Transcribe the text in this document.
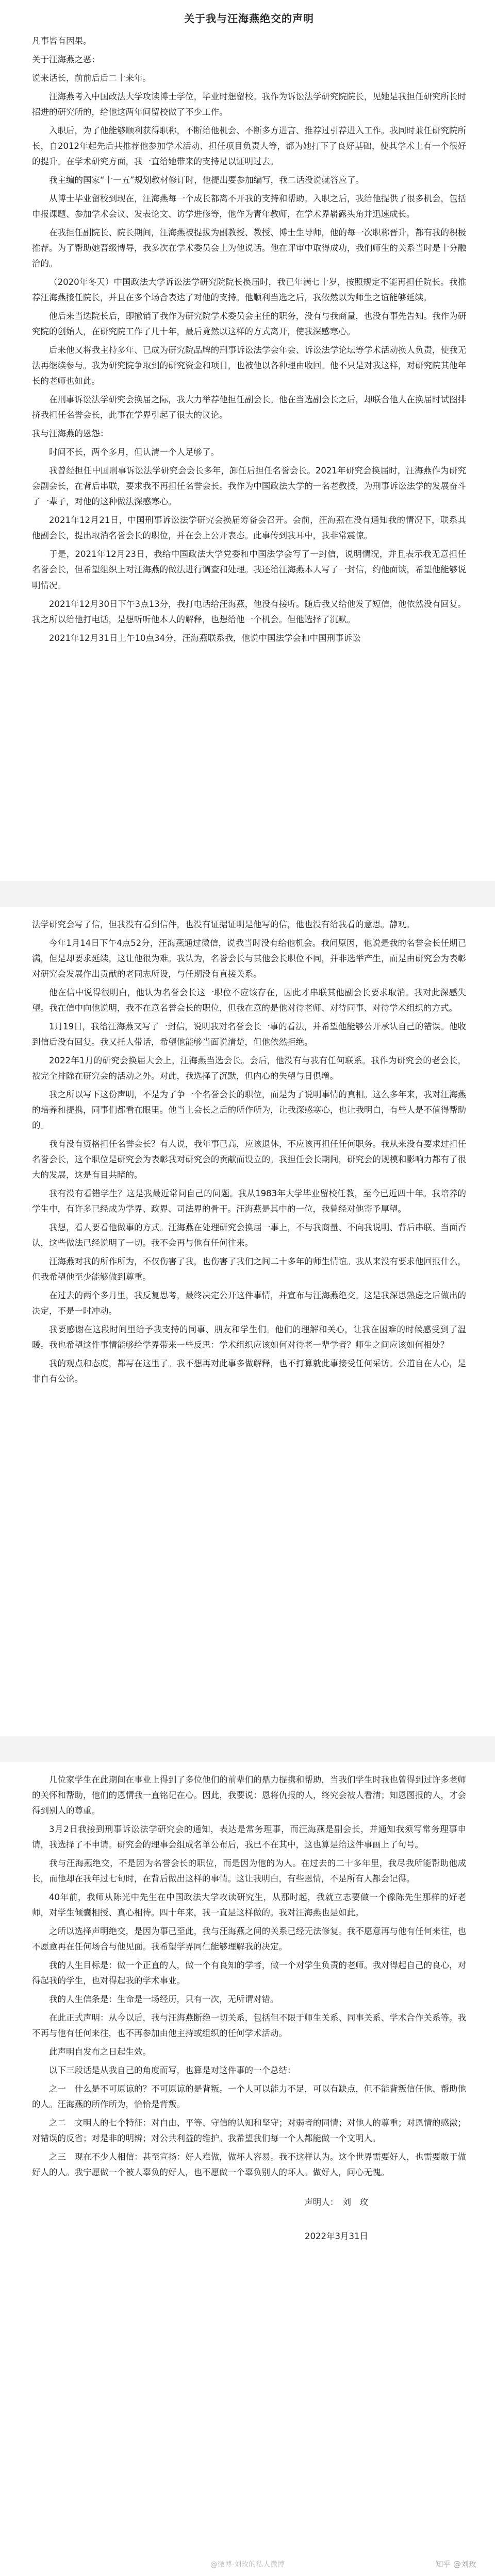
关于我与汪海燕绝交的声明

凡事皆有因果。

关于汪海燕之恶：

说来话长，前前后后二十来年。

汪海燕考入中国政法大学攻读博士学位，毕业时想留校。我作为诉讼法学研究院院长，见她是我担任研究所长时招进的研究所的，给他这两年间留校做了不少工作。

入职后，为了他能够顺利获得职称，不断给他机会、不断多方进言、推荐过引荐进入工作。我同时兼任研究院所长，自2012年起先后共推荐他参加学术活动、担任项目负责人等，都为她打下了良好基础，使其学术上有一个很好的提升。在学术研究方面，我一直给她带来的支持足以证明过去。

我主编的国家“十一五”规划教材修订时，他提出要参加编写，我二话没说就答应了。

从博士毕业留校到现在，汪海燕每一个成长都离不开我的支持和帮助。入职之后，我给他提供了很多机会，包括申报课题、参加学术会议、发表论文、访学进修等，他作为青年教师，在学术界崭露头角并迅速成长。

在我担任副院长、院长期间，汪海燕被提拔为副教授、教授、博士生导师，他的每一次职称晋升，都有我的积极推荐。为了帮助她晋级博导，我多次在学术委员会上为他说话。他在评审中取得成功，我们师生的关系当时是十分融洽的。

（2020年冬天）中国政法大学诉讼法学研究院院长换届时，我已年满七十岁，按照规定不能再担任院长。我推荐汪海燕接任院长，并且在多个场合表达了对他的支持。他顺利当选之后，我依然以为师生之谊能够延续。

他后来当选院长后，即撤销了我作为研究院学术委员会主任的职务，没有与我商量，也没有事先告知。我作为研究院的创始人，在研究院工作了几十年，最后竟然以这样的方式离开，使我深感寒心。

后来他又将我主持多年、已成为研究院品牌的刑事诉讼法学会年会、诉讼法学论坛等学术活动换人负责，使我无法再继续参与。我为研究院争取到的研究资金和项目，也被他以各种理由收回。他不只是对我这样，对研究院其他年长的老师也如此。

在刑事诉讼法学研究会换届之际，我大力举荐他担任副会长。他在当选副会长之后，却联合他人在换届时试图排挤我担任名誉会长，此事在学界引起了很大的议论。

我与汪海燕的恩怨：

时间不长，两个多月，但认清一个人足够了。

我曾经担任中国刑事诉讼法学研究会会长多年，卸任后担任名誉会长。2021年研究会换届时，汪海燕作为研究会副会长，在背后串联，要求我不再担任名誉会长。我作为中国政法大学的一名老教授，为刑事诉讼法学的发展奋斗了一辈子，对他的这种做法深感寒心。

2021年12月21日，中国刑事诉讼法学研究会换届筹备会召开。会前，汪海燕在没有通知我的情况下，联系其他副会长，提出取消名誉会长的职位，并在会上公开表态。此事传到我耳中，我非常震惊。

于是，2021年12月23日，我给中国政法大学党委和中国法学会写了一封信，说明情况，并且表示我无意担任名誉会长，但希望组织上对汪海燕的做法进行调查和处理。我还给汪海燕本人写了一封信，约他面谈，希望他能够说明情况。

2021年12月30日下午3点13分，我打电话给汪海燕，他没有接听。随后我又给他发了短信，他依然没有回复。我之所以给他打电话，是想听听他本人的解释，也想给他一个机会。但他选择了沉默。

2021年12月31日上午10点34分，汪海燕联系我，他说中国法学会和中国刑事诉讼

法学研究会写了信，但我没有看到信件，也没有证据证明是他写的信，他也没有给我看的意思。静观。

今年1月14日下午4点52分，汪海燕通过微信，说我当时没有给他机会。我问原因，他说是我的名誉会长任期已满，但是却要求延续，这让他很为难。我认为，名誉会长与其他会长职位不同，并非选举产生，而是由研究会为表彰对研究会发展作出贡献的老同志所设，与任期没有直接关系。

他在信中说得很明白，他认为名誉会长这一职位不应该存在，因此才串联其他副会长要求取消。我对此深感失望。我在信中向他说明，我不在意名誉会长的职位，但我在意的是他对待老师、对待同事、对待学术组织的方式。

1月19日，我给汪海燕又写了一封信，说明我对名誉会长一事的看法，并希望他能够公开承认自己的错误。他收到信后没有回复。我又托人带话，希望他能够当面说清楚，但他依然拒绝。

2022年1月的研究会换届大会上，汪海燕当选会长。会后，他没有与我有任何联系。我作为研究会的老会长，被完全排除在研究会的活动之外。对此，我选择了沉默，但内心的失望与日俱增。

我之所以写下这份声明，不是为了争一个名誉会长的职位，而是为了说明事情的真相。这么多年来，我对汪海燕的培养和提携，同事们都看在眼里。他当上会长之后的所作所为，让我深感寒心，也让我明白，有些人是不值得帮助的。

我有没有资格担任名誉会长？有人说，我年事已高，应该退休，不应该再担任任何职务。我从来没有要求过担任名誉会长，这个职位是研究会为表彰我对研究会的贡献而设立的。我担任会长期间，研究会的规模和影响力都有了很大的发展，这是有目共睹的。

我有没有看错学生？这是我最近常问自己的问题。我从1983年大学毕业留校任教，至今已近四十年。我培养的学生中，有许多已经成为学界、政界、司法界的骨干。汪海燕是其中的一位，我曾经对他寄予厚望。

我想，看人要看他做事的方式。汪海燕在处理研究会换届一事上，不与我商量、不向我说明、背后串联、当面否认，这些做法已经说明了一切。我不会再与他有任何往来。

汪海燕对我的所作所为，不仅伤害了我，也伤害了我们之间二十多年的师生情谊。我从来没有要求他回报什么，但我希望他至少能够做到尊重。

在过去的两个多月里，我反复思考，最终决定公开这件事情，并宣布与汪海燕绝交。这是我深思熟虑之后做出的决定，不是一时冲动。

我要感谢在这段时间里给予我支持的同事、朋友和学生们。他们的理解和关心，让我在困难的时候感受到了温暖。我也希望这件事情能够给学界带来一些反思：学术组织应该如何对待老一辈学者？师生之间应该如何相处？

我的观点和态度，都写在这里了。我不想再对此事多做解释，也不打算就此事接受任何采访。公道自在人心，是非自有公论。

几位家学生在此期间在事业上得到了多位他们的前辈们的鼎力提携和帮助，当我们学生时我也曾得到过许多老师的关怀和帮助，他们的恩情我一直铭记在心。因此，我要说：恩将仇报的人，终究会被人看清；知恩图报的人，才会得到别人的尊重。

3月2日我接到刑事诉讼法学研究会的通知，表达是常务理事，而汪海燕是副会长，并通知我须写常务理事申请，我选择了不申请。研究会的理事会组成名单公布后，我已不在其中，这也算是给这件事画上了句号。

我与汪海燕绝交，不是因为名誉会长的职位，而是因为他的为人。在过去的二十多年里，我尽我所能帮助他成长，而他却在我年过七旬时，在背后做出这样的事情。这让我明白，有些恩情，不是所有人都会记得。

40年前，我师从陈光中先生在中国政法大学攻读研究生，从那时起，我就立志要做一个像陈先生那样的好老师，对学生倾囊相授、真心相待。四十年来，我一直是这样做的。我对汪海燕也是如此。

之所以选择声明绝交，是因为事已至此，我与汪海燕之间的关系已经无法修复。我不愿意再与他有任何来往，也不愿意再在任何场合与他见面。我希望学界同仁能够理解我的决定。

我的人生目标是：做一个正直的人，做一个有良知的学者，做一个对学生负责的老师。我对得起自己的良心，对得起我的学生，也对得起我的学术事业。

我的人生信条是：生命是一场经历，只有一次，无所谓对错。

在此正式声明：从今以后，我与汪海燕断绝一切关系，包括但不限于师生关系、同事关系、学术合作关系等。我不再与他有任何来往，也不再参加由他主持或组织的任何学术活动。

此声明自发布之日起生效。

以下三段话是从我自己的角度而写，也算是对这件事的一个总结：

之一　什么是不可原谅的？不可原谅的是背叛。一个人可以能力不足，可以有缺点，但不能背叛信任他、帮助他的人。汪海燕的所作所为，恰恰是背叛。

之二　文明人的七个特征：对自由、平等、守信的认知和坚守；对弱者的同情；对他人的尊重；对恩情的感激；对错误的反省；对是非的明辨；对公共利益的维护。我希望我们每一个人都能做一个文明人。

之三　现在不少人相信：甚至宣扬：好人难做，做坏人容易。我不这样认为。这个世界需要好人，也需要敢于做好人的人。我宁愿做一个被人辜负的好人，也不愿做一个辜负别人的坏人。做好人，问心无愧。

声明人：　刘　玫

2022年3月31日

@微博·刘玫的私人微博	知乎 @刘玫
